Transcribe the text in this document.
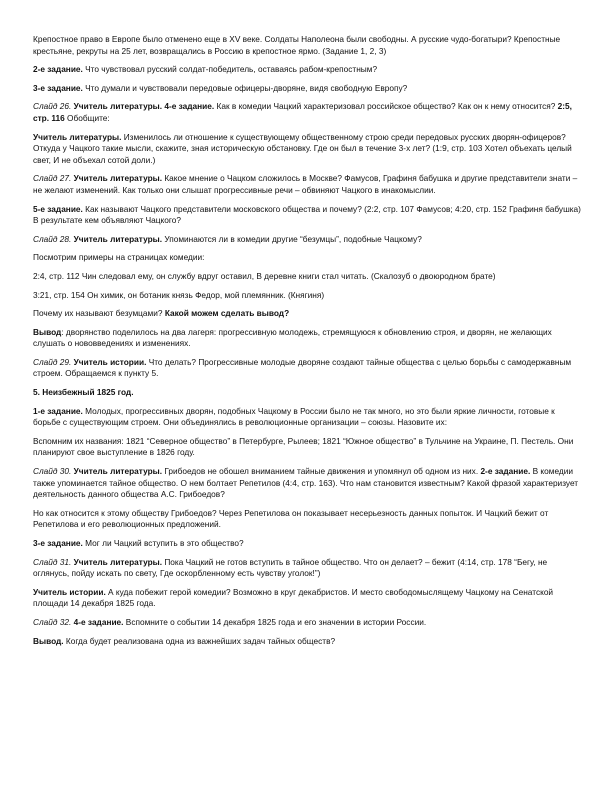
Крепостное право в Европе было отменено еще в XV веке. Солдаты Наполеона были свободны. А русские чудо-богатыри? Крепостные крестьяне, рекруты на 25 лет, возвращались в Россию в крепостное ярмо. (Задание 1, 2, 3)

2-е задание. Что чувствовал русский солдат-победитель, оставаясь рабом-крепостным?

3-е задание. Что думали и чувствовали передовые офицеры-дворяне, видя свободную Европу?

Слайд 26. Учитель литературы. 4-е задание. Как в комедии Чацкий характеризовал российское общество? Как он к нему относится? 2:5, стр. 116 Обобщите:

Учитель литературы. Изменилось ли отношение к существующему общественному строю среди передовых русских дворян-офицеров? Откуда у Чацкого такие мысли, скажите, зная историческую обстановку. Где он был в течение 3-х лет? (1:9, стр. 103 Хотел объехать целый свет, И не объехал сотой доли.)

Слайд 27. Учитель литературы. Какое мнение о Чацком сложилось в Москве? Фамусов, Графиня бабушка и другие представители знати – не желают изменений. Как только они слышат прогрессивные речи – обвиняют Чацкого в инакомыслии.

5-е задание. Как называют Чацкого представители московского общества и почему? (2:2, стр. 107 Фамусов; 4:20, стр. 152 Графиня бабушка) В результате кем объявляют Чацкого?

Слайд 28. Учитель литературы. Упоминаются ли в комедии другие “безумцы”, подобные Чацкому?

Посмотрим примеры на страницах комедии:

2:4, стр. 112 Чин следовал ему, он службу вдруг оставил, В деревне книги стал читать. (Скалозуб о двоюродном брате)

3:21, стр. 154 Он химик, он ботаник князь Федор, мой племянник. (Княгиня)

Почему их называют безумцами? Какой можем сделать вывод?

Вывод: дворянство поделилось на два лагеря: прогрессивную молодежь, стремящуюся к обновлению строя, и дворян, не желающих слушать о нововведениях и изменениях.

Слайд 29. Учитель истории. Что делать? Прогрессивные молодые дворяне создают тайные общества с целью борьбы с самодержавным строем. Обращаемся к пункту 5.

5. Неизбежный 1825 год.

1-е задание. Молодых, прогрессивных дворян, подобных Чацкому в России было не так много, но это были яркие личности, готовые к борьбе с существующим строем. Они объединялись в революционные организации – союзы. Назовите их:

Вспомним их названия: 1821 “Северное общество” в Петербурге, Рылеев; 1821 “Южное общество” в Тульчине на Украине, П. Пестель. Они планируют свое выступление в 1826 году.

Слайд 30. Учитель литературы. Грибоедов не обошел вниманием тайные движения и упомянул об одном из них. 2-е задание. В комедии также упоминается тайное общество. О нем болтает Репетилов (4:4, стр. 163). Что нам становится известным? Какой фразой характеризует деятельность данного общества А.С. Грибоедов?

Но как относится к этому обществу Грибоедов? Через Репетилова он показывает несерьезность данных попыток. И Чацкий бежит от Репетилова и его революционных предложений.

3-е задание. Мог ли Чацкий вступить в это общество?

Слайд 31. Учитель литературы. Пока Чацкий не готов вступить в тайное общество. Что он делает? – бежит (4:14, стр. 178 “Бегу, не оглянусь, пойду искать по свету, Где оскорбленному есть чувству уголок!”)

Учитель истории. А куда побежит герой комедии? Возможно в круг декабристов. И место свободомыслящему Чацкому на Сенатской площади 14 декабря 1825 года.

Слайд 32. 4-е задание. Вспомните о событии 14 декабря 1825 года и его значении в истории России.

Вывод. Когда будет реализована одна из важнейших задач тайных обществ?
